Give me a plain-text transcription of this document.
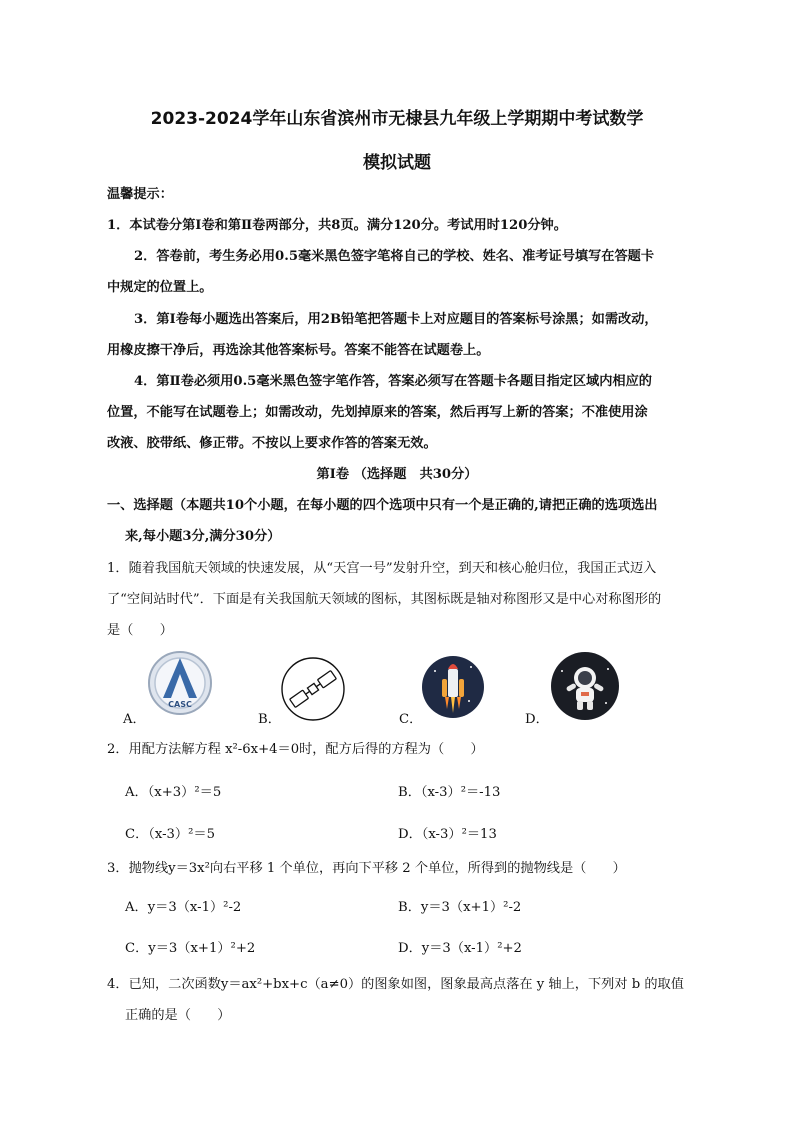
2023-2024学年山东省滨州市无棣县九年级上学期期中考试数学
模拟试题
温馨提示：
1．本试卷分第Ⅰ卷和第Ⅱ卷两部分，共8页。满分120分。考试用时120分钟。
2．答卷前，考生务必用0.5毫米黑色签字笔将自己的学校、姓名、准考证号填写在答题卡
中规定的位置上。
3．第Ⅰ卷每小题选出答案后，用2B铅笔把答题卡上对应题目的答案标号涂黑；如需改动，
用橡皮擦干净后，再选涂其他答案标号。答案不能答在试题卷上。
4．第Ⅱ卷必须用0.5毫米黑色签字笔作答，答案必须写在答题卡各题目指定区域内相应的
位置，不能写在试题卷上；如需改动，先划掉原来的答案，然后再写上新的答案；不准使用涂
改液、胶带纸、修正带。不按以上要求作答的答案无效。
第Ⅰ卷 （选择题　共30分）
一、选择题（本题共10个小题，在每小题的四个选项中只有一个是正确的,请把正确的选项选出
来,每小题3分,满分30分）
1．随着我国航天领域的快速发展，从“天宫一号”发射升空，到天和核心舱归位，我国正式迈入
了“空间站时代”．下面是有关我国航天领域的图标，其图标既是轴对称图形又是中心对称图形的
是（　　）
A．
CASC
B．	C．	D．
2．用配方法解方程 x²-6x+4＝0时，配方后得的方程为（　　）
A．（x+3）²＝5	B．（x-3）²＝-13
C．（x-3）²＝5	D．（x-3）²＝13
3．抛物线y＝3x²向右平移 1 个单位，再向下平移 2 个单位，所得到的抛物线是（　　）
A．y＝3（x-1）²-2	B．y＝3（x+1）²-2
C．y＝3（x+1）²+2	D．y＝3（x-1）²+2
4．已知，二次函数y＝ax²+bx+c（a≠0）的图象如图，图象最高点落在 y 轴上，下列对 b 的取值
正确的是（　　）
